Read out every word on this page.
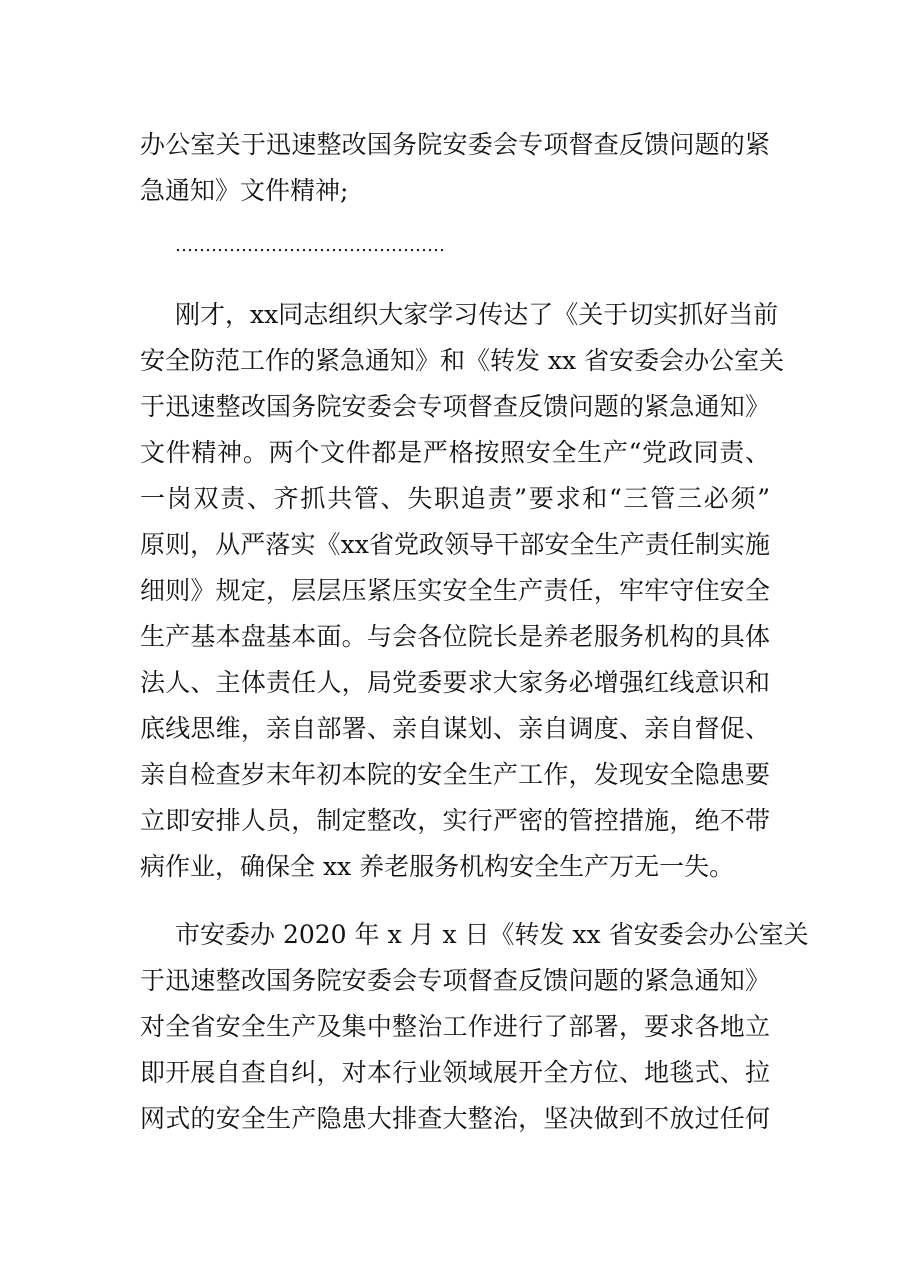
办公室关于迅速整改国务院安委会专项督查反馈问题的紧
急通知》文件精神;
………………………………………
刚才，xx同志组织大家学习传达了《关于切实抓好当前
安全防范工作的紧急通知》和《转发 xx 省安委会办公室关
于迅速整改国务院安委会专项督查反馈问题的紧急通知》
文件精神。两个文件都是严格按照安全生产“党政同责、
一岗双责、齐抓共管、失职追责”要求和“三管三必须”
原则，从严落实《xx省党政领导干部安全生产责任制实施
细则》规定，层层压紧压实安全生产责任，牢牢守住安全
生产基本盘基本面。与会各位院长是养老服务机构的具体
法人、主体责任人，局党委要求大家务必增强红线意识和
底线思维，亲自部署、亲自谋划、亲自调度、亲自督促、
亲自检查岁末年初本院的安全生产工作，发现安全隐患要
立即安排人员，制定整改，实行严密的管控措施，绝不带
病作业，确保全 xx 养老服务机构安全生产万无一失。
市安委办 2020 年 x 月 x 日《转发 xx 省安委会办公室关
于迅速整改国务院安委会专项督查反馈问题的紧急通知》
对全省安全生产及集中整治工作进行了部署，要求各地立
即开展自查自纠，对本行业领域展开全方位、地毯式、拉
网式的安全生产隐患大排查大整治，坚决做到不放过任何
